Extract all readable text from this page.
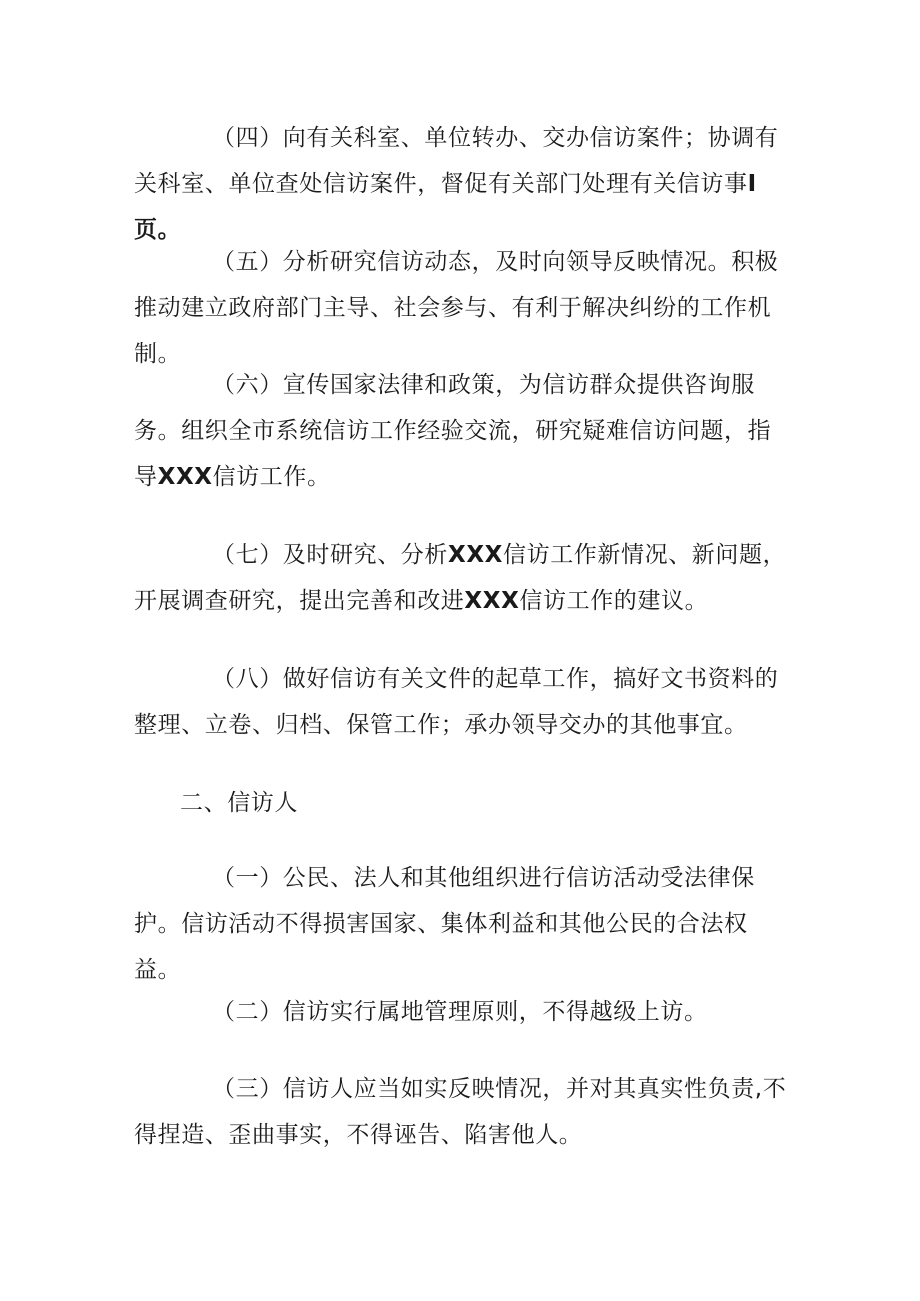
（四）向有关科室、单位转办、交办信访案件；协调有关科室、单位查处信访案件，督促有关部门处理有关信访事I页。

（五）分析研究信访动态，及时向领导反映情况。积极推动建立政府部门主导、社会参与、有利于解决纠纷的工作机制。

（六）宣传国家法律和政策，为信访群众提供咨询服务。组织全市系统信访工作经验交流，研究疑难信访问题，指导XXX信访工作。

（七）及时研究、分析XXX信访工作新情况、新问题，开展调查研究，提出完善和改进XXX信访工作的建议。

（八）做好信访有关文件的起草工作，搞好文书资料的整理、立卷、归档、保管工作；承办领导交办的其他事宜。

二、信访人

（一）公民、法人和其他组织进行信访活动受法律保护。信访活动不得损害国家、集体利益和其他公民的合法权益。

（二）信访实行属地管理原则，不得越级上访。

（三）信访人应当如实反映情况，并对其真实性负责,不得捏造、歪曲事实，不得诬告、陷害他人。
